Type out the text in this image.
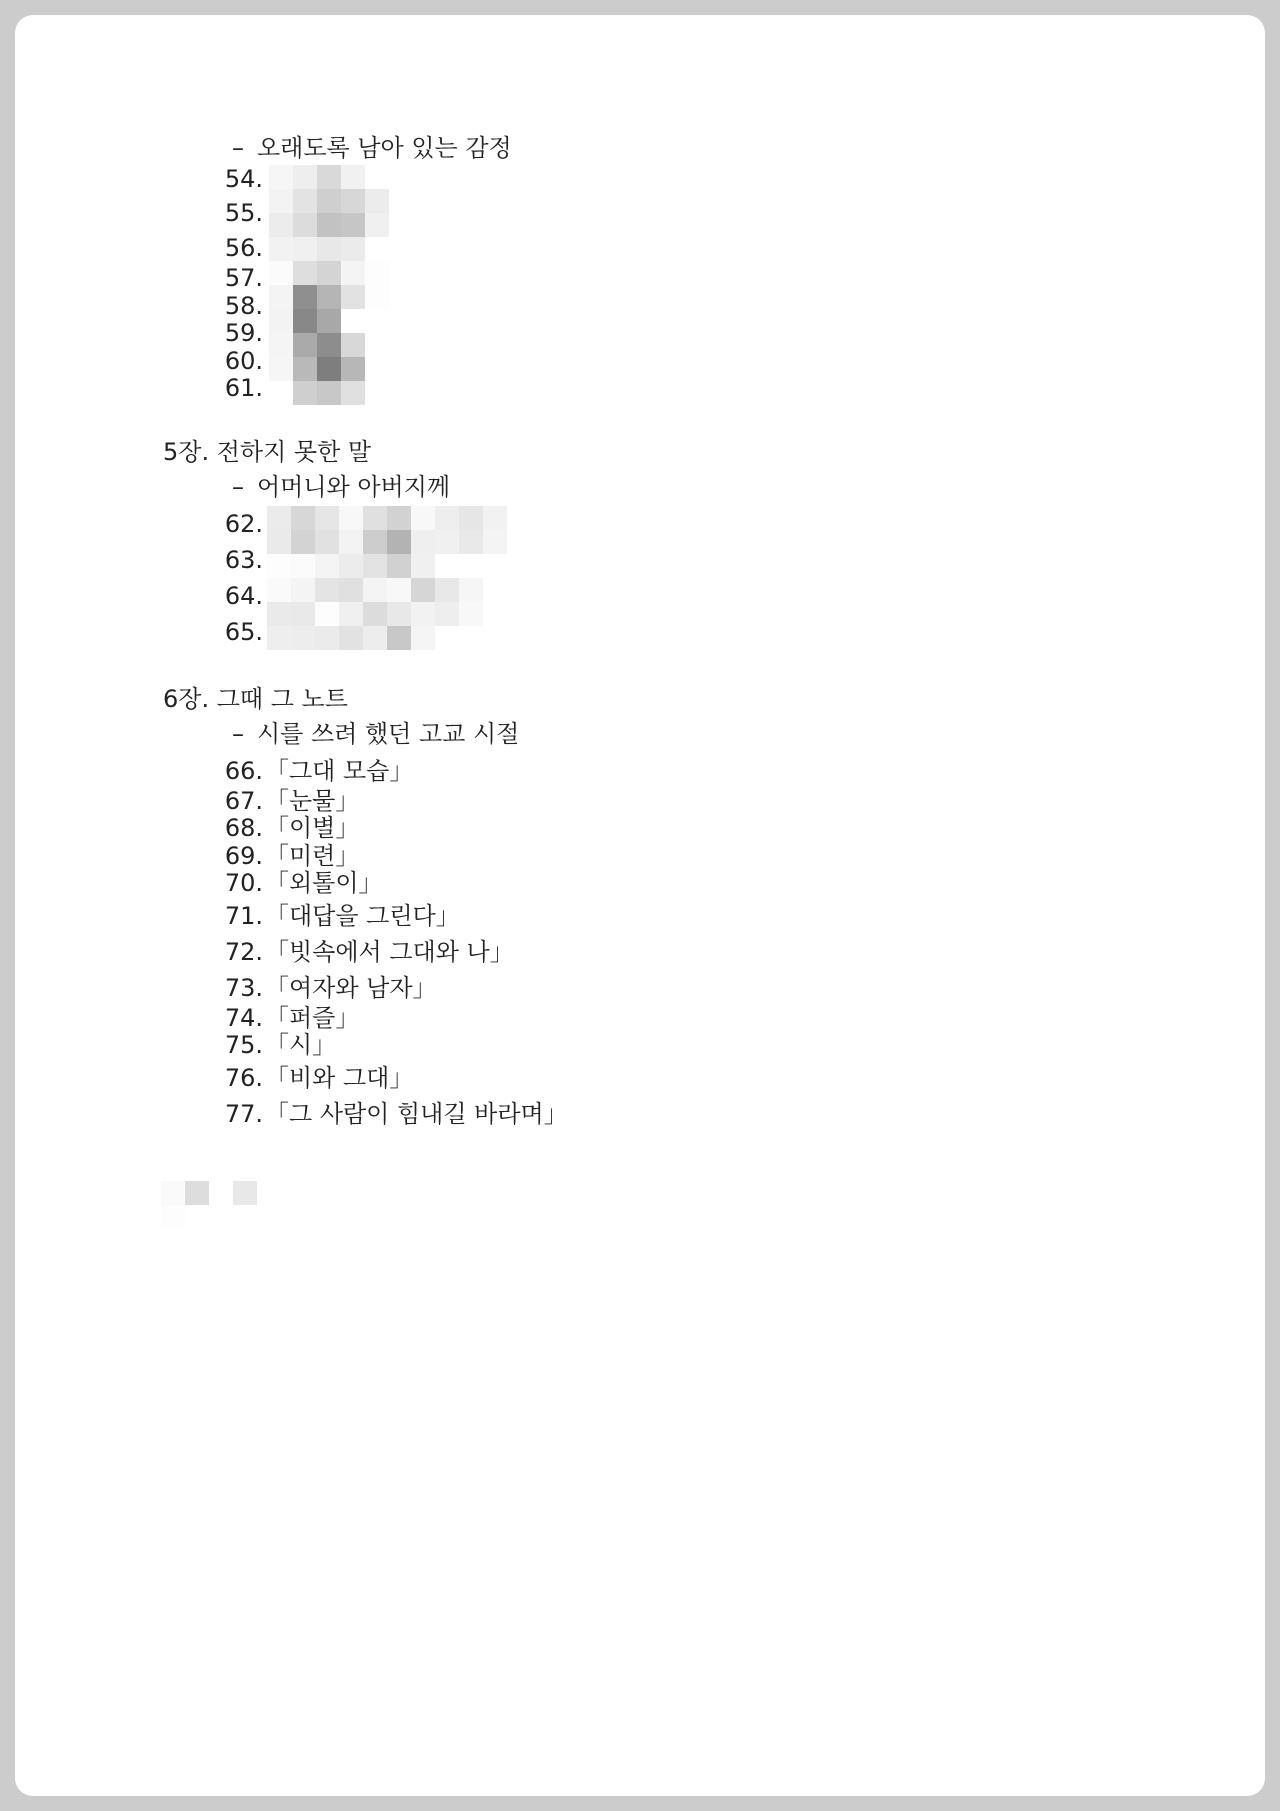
– 오래도록 남아 있는 감정
54.
55.
56.
57.
58.
59.
60.
61.
5장. 전하지 못한 말
– 어머니와 아버지께
62.
63.
64.
65.
6장. 그때 그 노트
– 시를 쓰려 했던 고교 시절
66. 「그대 모습」
67. 「눈물」
68. 「이별」
69. 「미련」
70. 「외톨이」
71. 「대답을 그린다」
72. 「빗속에서 그대와 나」
73. 「여자와 남자」
74. 「퍼즐」
75. 「시」
76. 「비와 그대」
77. 「그 사람이 힘내길 바라며」
